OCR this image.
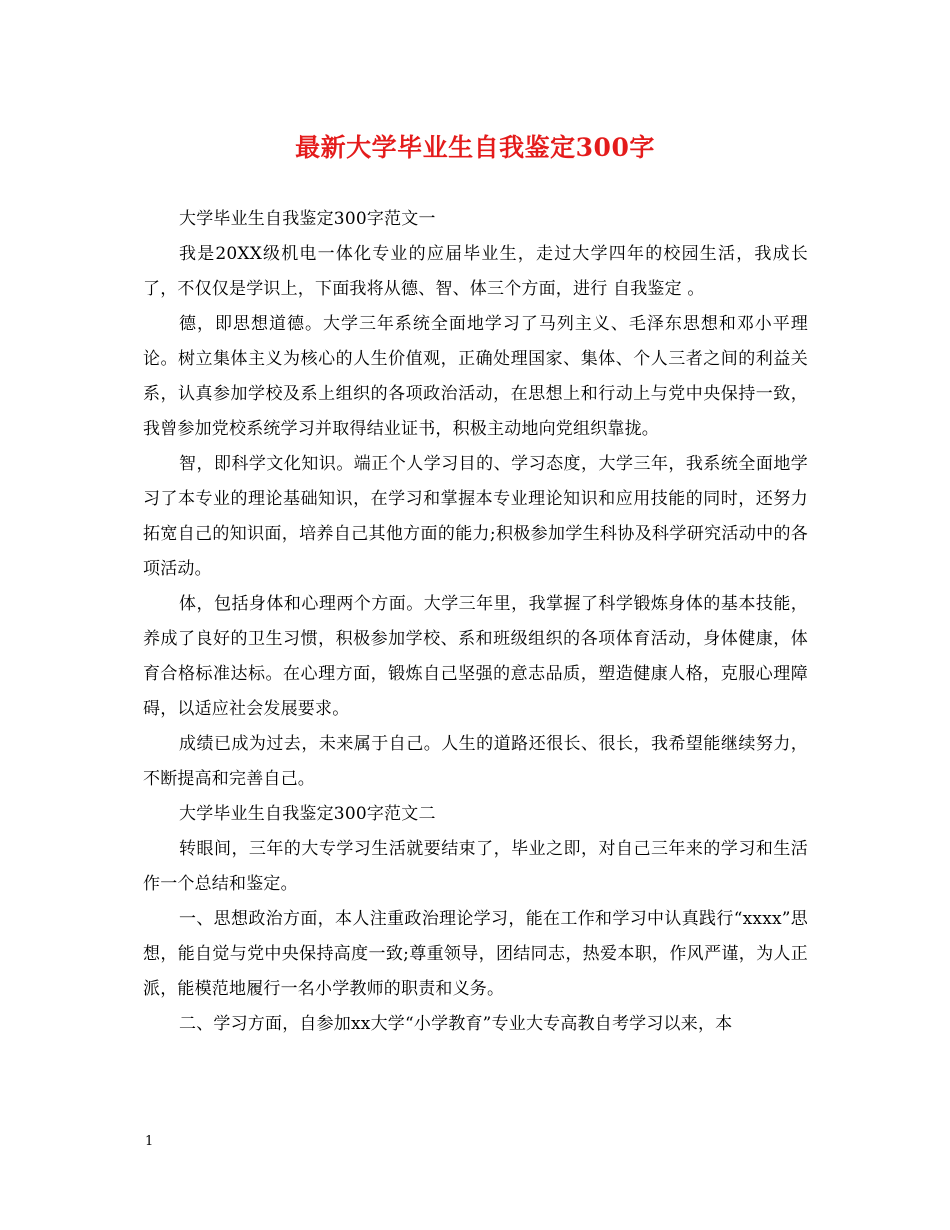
最新大学毕业生自我鉴定300字

大学毕业生自我鉴定300字范文一

我是20XX级机电一体化专业的应届毕业生，走过大学四年的校园生活，我成长了，不仅仅是学识上，下面我将从德、智、体三个方面，进行 自我鉴定 。

德，即思想道德。大学三年系统全面地学习了马列主义、毛泽东思想和邓小平理论。树立集体主义为核心的人生价值观，正确处理国家、集体、个人三者之间的利益关系，认真参加学校及系上组织的各项政治活动，在思想上和行动上与党中央保持一致，我曾参加党校系统学习并取得结业证书，积极主动地向党组织靠拢。

智，即科学文化知识。端正个人学习目的、学习态度，大学三年，我系统全面地学习了本专业的理论基础知识，在学习和掌握本专业理论知识和应用技能的同时，还努力拓宽自己的知识面，培养自己其他方面的能力;积极参加学生科协及科学研究活动中的各项活动。

体，包括身体和心理两个方面。大学三年里，我掌握了科学锻炼身体的基本技能，养成了良好的卫生习惯，积极参加学校、系和班级组织的各项体育活动，身体健康，体育合格标准达标。在心理方面，锻炼自己坚强的意志品质，塑造健康人格，克服心理障碍，以适应社会发展要求。

成绩已成为过去，未来属于自己。人生的道路还很长、很长，我希望能继续努力，不断提高和完善自己。

大学毕业生自我鉴定300字范文二

转眼间，三年的大专学习生活就要结束了，毕业之即，对自己三年来的学习和生活作一个总结和鉴定。

一、思想政治方面，本人注重政治理论学习，能在工作和学习中认真践行“xxxx”思想，能自觉与党中央保持高度一致;尊重领导，团结同志，热爱本职，作风严谨，为人正派，能模范地履行一名小学教师的职责和义务。

二、学习方面，自参加xx大学“小学教育”专业大专高教自考学习以来，本

1
